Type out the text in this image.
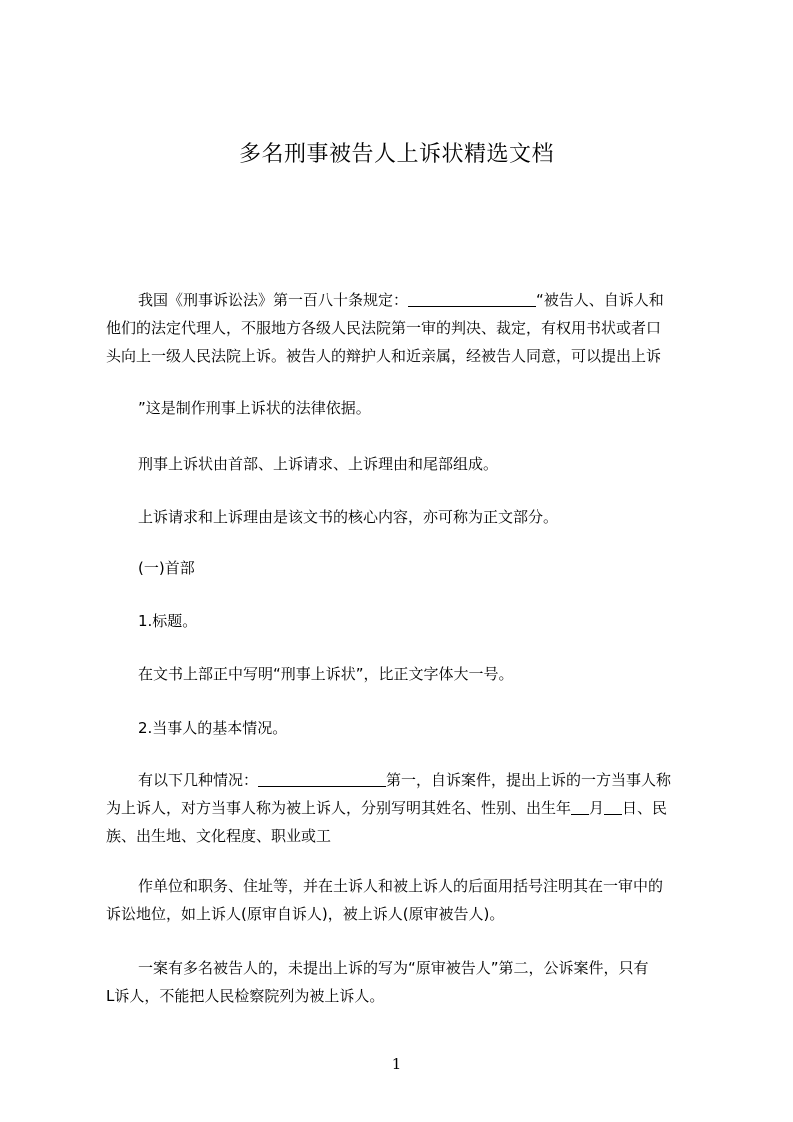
多名刑事被告人上诉状精选文档
我国《刑事诉讼法》第一百八十条规定：	“被告人、自诉人和
他们的法定代理人，不服地方各级人民法院第一审的判决、裁定，有权用书状或者口
头向上一级人民法院上诉。被告人的辩护人和近亲属，经被告人同意，可以提出上诉
”这是制作刑事上诉状的法律依据。
刑事上诉状由首部、上诉请求、上诉理由和尾部组成。
上诉请求和上诉理由是该文书的核心内容，亦可称为正文部分。
(一)首部
1.标题。
在文书上部正中写明“刑事上诉状”，比正文字体大一号。
2.当事人的基本情况。
有以下几种情况：	第一，自诉案件，提出上诉的一方当事人称
为上诉人，对方当事人称为被上诉人，分别写明其姓名、性别、出生年 月 日、民
族、出生地、文化程度、职业或工
作单位和职务、住址等，并在土诉人和被上诉人的后面用括号注明其在一审中的
诉讼地位，如上诉人(原审自诉人)，被上诉人(原审被告人)。
一案有多名被告人的，未提出上诉的写为“原审被告人”第二，公诉案件，只有
L诉人，不能把人民检察院列为被上诉人。
1
